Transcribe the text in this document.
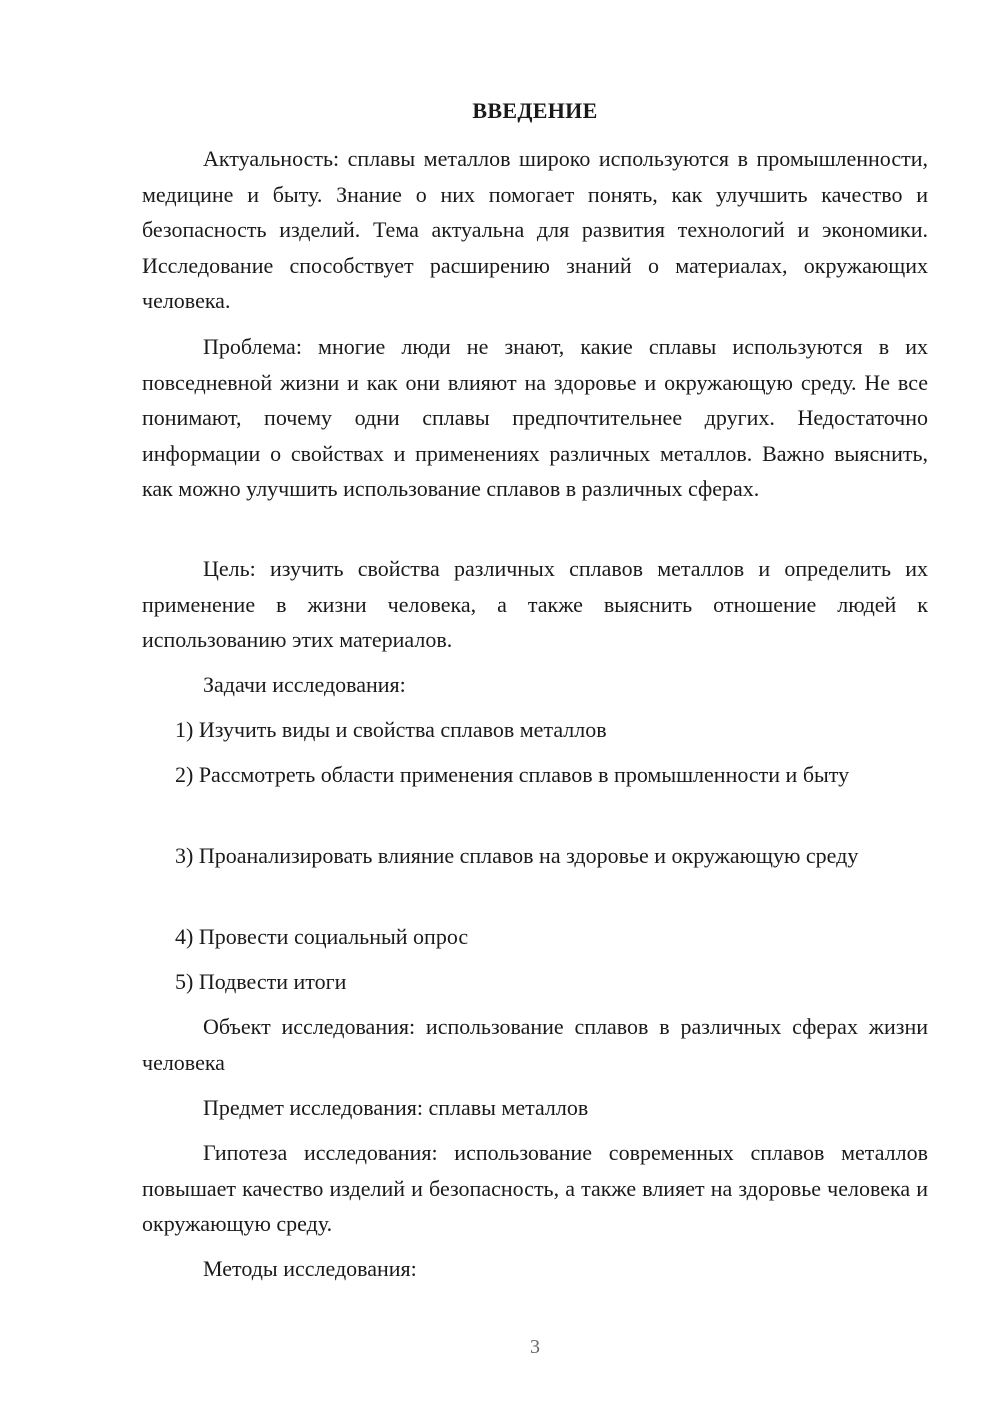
ВВЕДЕНИЕ

Актуальность: сплавы металлов широко используются в промышленности, медицине и быту. Знание о них помогает понять, как улучшить качество и безопасность изделий. Тема актуальна для развития технологий и экономики. Исследование способствует расширению знаний о материалах, окружающих человека.

Проблема: многие люди не знают, какие сплавы используются в их повседневной жизни и как они влияют на здоровье и окружающую среду. Не все понимают, почему одни сплавы предпочтительнее других. Недостаточно информации о свойствах и применениях различных металлов. Важно выяснить, как можно улучшить использование сплавов в различных сферах.

Цель: изучить свойства различных сплавов металлов и определить их применение в жизни человека, а также выяснить отношение людей к использованию этих материалов.

Задачи исследования:

1) Изучить виды и свойства сплавов металлов

2) Рассмотреть области применения сплавов в промышленности и быту

3) Проанализировать влияние сплавов на здоровье и окружающую среду

4) Провести социальный опрос

5) Подвести итоги

Объект исследования: использование сплавов в различных сферах жизни человека

Предмет исследования: сплавы металлов

Гипотеза исследования: использование современных сплавов металлов повышает качество изделий и безопасность, а также влияет на здоровье человека и окружающую среду.

Методы исследования:

3
